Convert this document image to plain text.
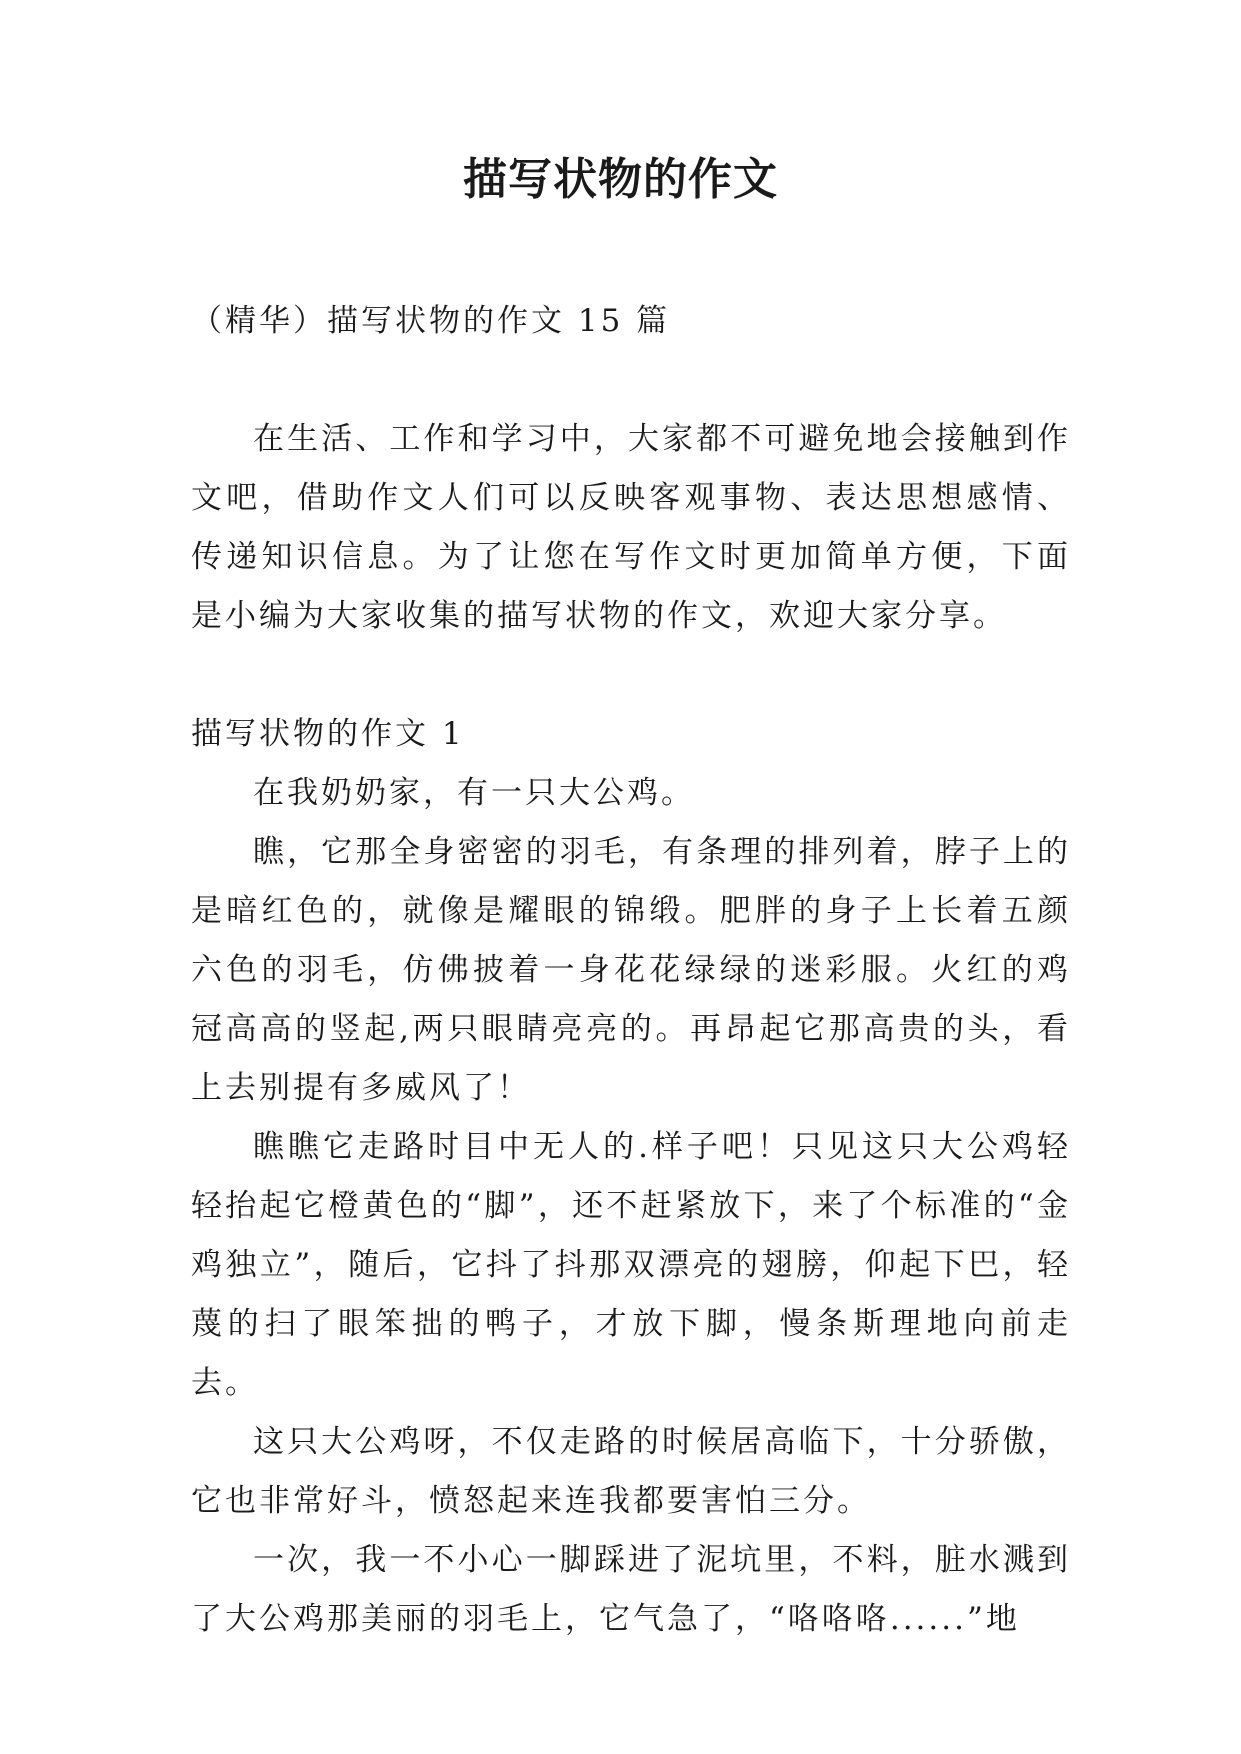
描写状物的作文

（精华）描写状物的作文 15 篇

在生活、工作和学习中，大家都不可避免地会接触到作文吧，借助作文人们可以反映客观事物、表达思想感情、传递知识信息。为了让您在写作文时更加简单方便，下面是小编为大家收集的描写状物的作文，欢迎大家分享。

描写状物的作文 1

在我奶奶家，有一只大公鸡。

瞧，它那全身密密的羽毛，有条理的排列着，脖子上的是暗红色的，就像是耀眼的锦缎。肥胖的身子上长着五颜六色的羽毛，仿佛披着一身花花绿绿的迷彩服。火红的鸡冠高高的竖起,两只眼睛亮亮的。再昂起它那高贵的头，看上去别提有多威风了！

瞧瞧它走路时目中无人的.样子吧！只见这只大公鸡轻轻抬起它橙黄色的“脚”，还不赶紧放下，来了个标准的“金鸡独立”，随后，它抖了抖那双漂亮的翅膀，仰起下巴，轻蔑的扫了眼笨拙的鸭子，才放下脚，慢条斯理地向前走去。

这只大公鸡呀，不仅走路的时候居高临下，十分骄傲，它也非常好斗，愤怒起来连我都要害怕三分。

一次，我一不小心一脚踩进了泥坑里，不料，脏水溅到了大公鸡那美丽的羽毛上，它气急了，“咯咯咯......”地
